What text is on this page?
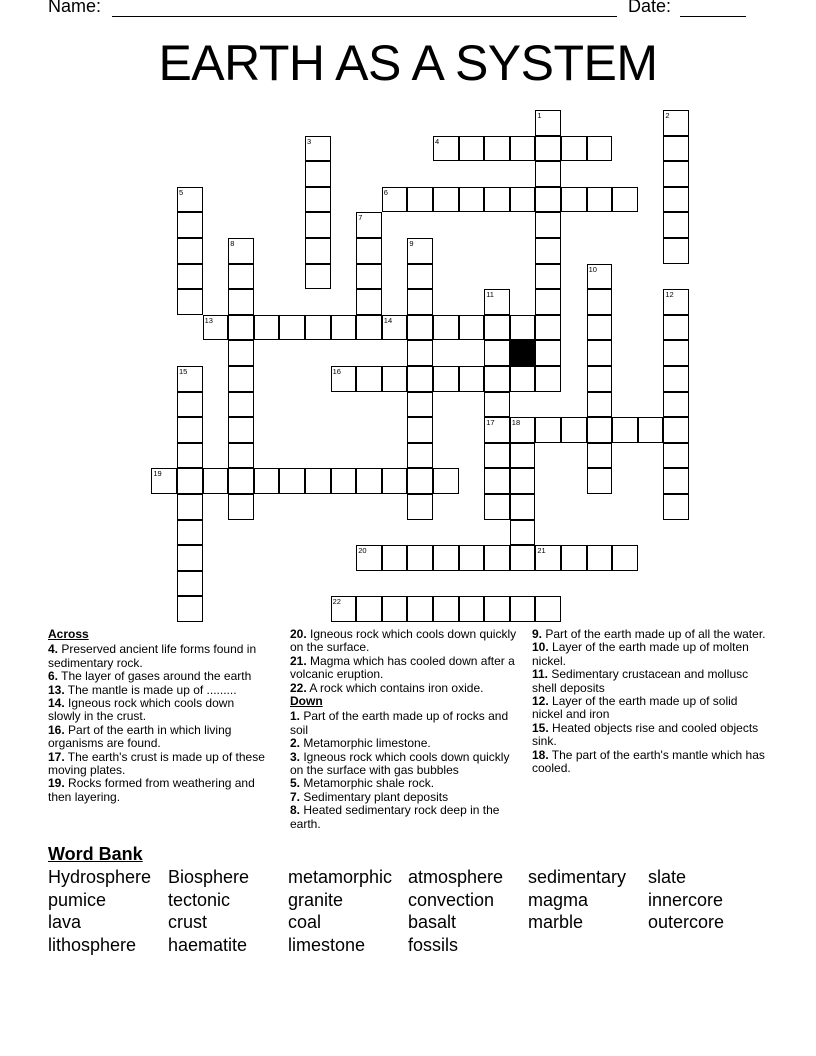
Name:	Date:
EARTH AS A SYSTEM
1	2
3	4
5	6
7
8	9
10
11	12
13	14
15	16
17 18
19
20	21
22
Across

4. Preserved ancient life forms found in sedimentary rock.

6. The layer of gases around the earth

13. The mantle is made up of .........

14. Igneous rock which cools down slowly in the crust.

16. Part of the earth in which living organisms are found.

17. The earth's crust is made up of these moving plates.

19. Rocks formed from weathering and then layering.

20. Igneous rock which cools down quickly on the surface.

21. Magma which has cooled down after a volcanic eruption.

22. A rock which contains iron oxide.

Down

1. Part of the earth made up of rocks and soil

2. Metamorphic limestone.

3. Igneous rock which cools down quickly on the surface with gas bubbles

5. Metamorphic shale rock.

7. Sedimentary plant deposits

8. Heated sedimentary rock deep in the earth.

9. Part of the earth made up of all the water.

10. Layer of the earth made up of molten nickel.

11. Sedimentary crustacean and mollusc shell deposits

12. Layer of the earth made up of solid nickel and iron

15. Heated objects rise and cooled objects sink.

18. The part of the earth's mantle which has cooled.

Word Bank
Hydrosphere Biosphere metamorphic atmosphere sedimentary slate
pumice	tectonic	granite	convection magma	innercore
lava	crust	coal	basalt	marble	outercore
lithosphere haematite limestone fossils
